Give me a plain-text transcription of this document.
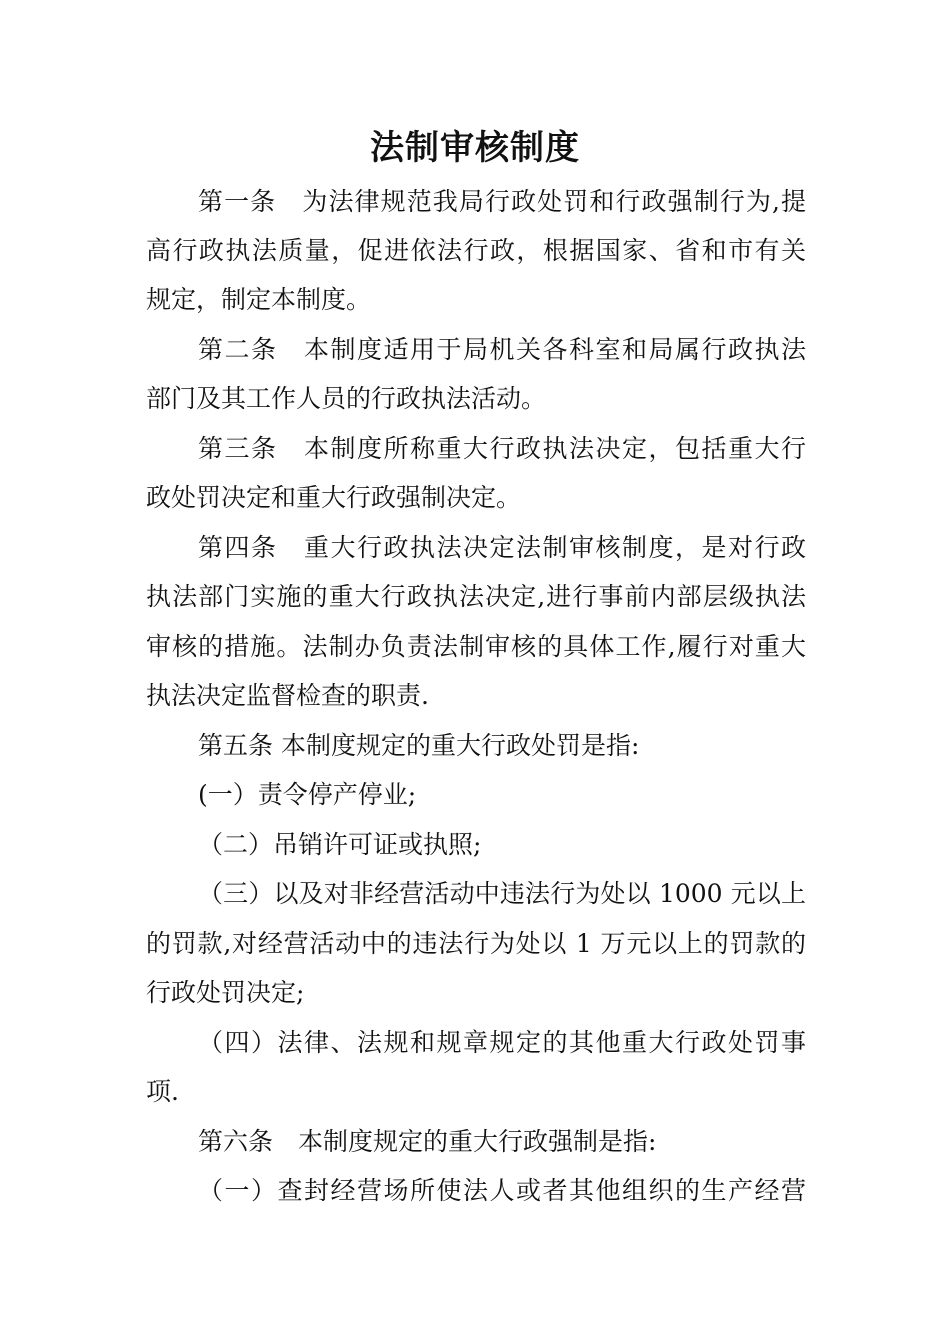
法制审核制度
第一条　为法律规范我局行政处罚和行政强制行为,提
高行政执法质量，促进依法行政，根据国家、省和市有关
规定，制定本制度。
第二条　本制度适用于局机关各科室和局属行政执法
部门及其工作人员的行政执法活动。
第三条　本制度所称重大行政执法决定，包括重大行
政处罚决定和重大行政强制决定。
第四条　重大行政执法决定法制审核制度，是对行政
执法部门实施的重大行政执法决定,进行事前内部层级执法
审核的措施。法制办负责法制审核的具体工作,履行对重大
执法决定监督检查的职责.
第五条 本制度规定的重大行政处罚是指:
(一）责令停产停业;
（二）吊销许可证或执照;
（三）以及对非经营活动中违法行为处以 1000 元以上
的罚款,对经营活动中的违法行为处以 1 万元以上的罚款的
行政处罚决定;
（四）法律、法规和规章规定的其他重大行政处罚事
项.
第六条　本制度规定的重大行政强制是指:
（一）查封经营场所使法人或者其他组织的生产经营
